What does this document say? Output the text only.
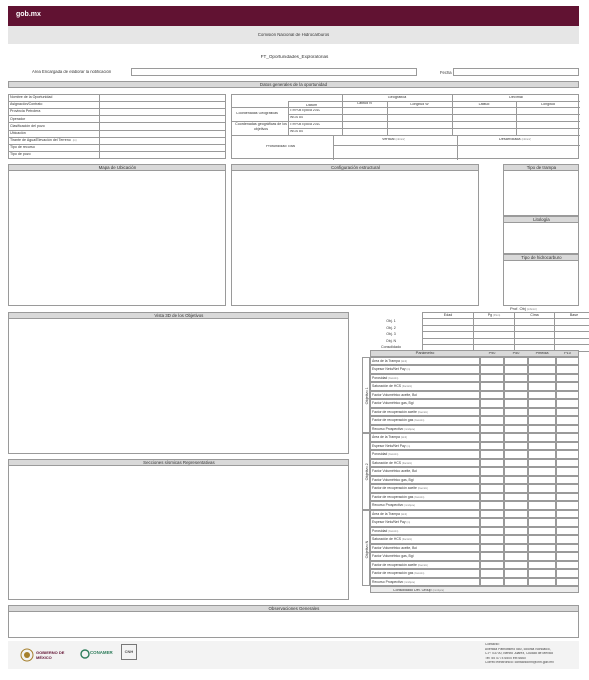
gob.mx
Comisión Nacional de Hidrocarburos
FT_Oportunidades_Exploratorias
Área Encargada de elaborar la notificación	Fecha
Datos generales de la oportunidad
Nombre de la Oportunidad	
Asignación/Contrato	
Provincia Petrolera	
Operador	
Clasificación del pozo	
Ubicación	
Tirante de Agua/Elevación del Terreno (m)	
Tipo de recurso	
Tipo de pozo	
Geográfica	Decimal
Datum	Latitud N	Longitud W	Latitud	Longitud
ITRF08 Época 2010
WGS 84
ITRF08 Época 2010
WGS 84
Coordenadas Geográficas
Coordenadas geográficas de los objetivos
Profundidad Total
Vertical (mbnmr)	Desarrollada (mbnmr)
Mapa de Ubicación	Configuración estructural	Tipo de trampa
Litología
Tipo de hidrocarburo
Prof. Obj (mbnmr)
	Edad	Pg(Pom)	Cima	Base
Obj. 1				
Obj. 2				
Obj. 3				
Obj. N				
Consolidado				
Vista 3D de los Objetivos
Secciones sísmicas Representativas
Parámetro	P90	P50	Pmedia	P10
Objetivo 1
Área de la Trampa(km2)
Espesor Neto/Net Pay(m)
Porosidad(fracción)
Saturación de HCS(fracción)
Factor Volumétrico aceite, Boi
Factor Volumétrico gas, Bgi
Factor de recuperación aceite(fracción)
Factor de recuperación gas(fracción)
Recurso Prospectivo(mmbpce)
Objetivo 2
Área de la Trampa(km2)
Espesor Neto/Net Pay(m)
Porosidad(fracción)
Saturación de HCS(fracción)
Factor Volumétrico aceite, Boi
Factor Volumétrico gas, Bgi
Factor de recuperación aceite(fracción)
Factor de recuperación gas(fracción)
Recurso Prospectivo(mmbpce)
Objetivo N
Área de la Trampa(km2)
Espesor Neto/Net Pay(m)
Porosidad(fracción)
Saturación de HCS(fracción)
Factor Volumétrico aceite, Boi
Factor Volumétrico gas, Bgi
Factor de recuperación aceite(fracción)
Factor de recuperación gas(fracción)
Recurso Prospectivo(mmbpce)
Consolidado Det. Oroup (mmbpce)
Observaciones Generales
GOBIERNO DE MÉXICO
CONAMER	CNH
Contacto:
Avenida Patriotismo 580, colonia Nonoalco,
C.P. 03700, Benito Juárez, Ciudad de México
Tel: 55 4774 6500 ext 6660
Correo electrónico: contactocnh@cnh.gob.mx
